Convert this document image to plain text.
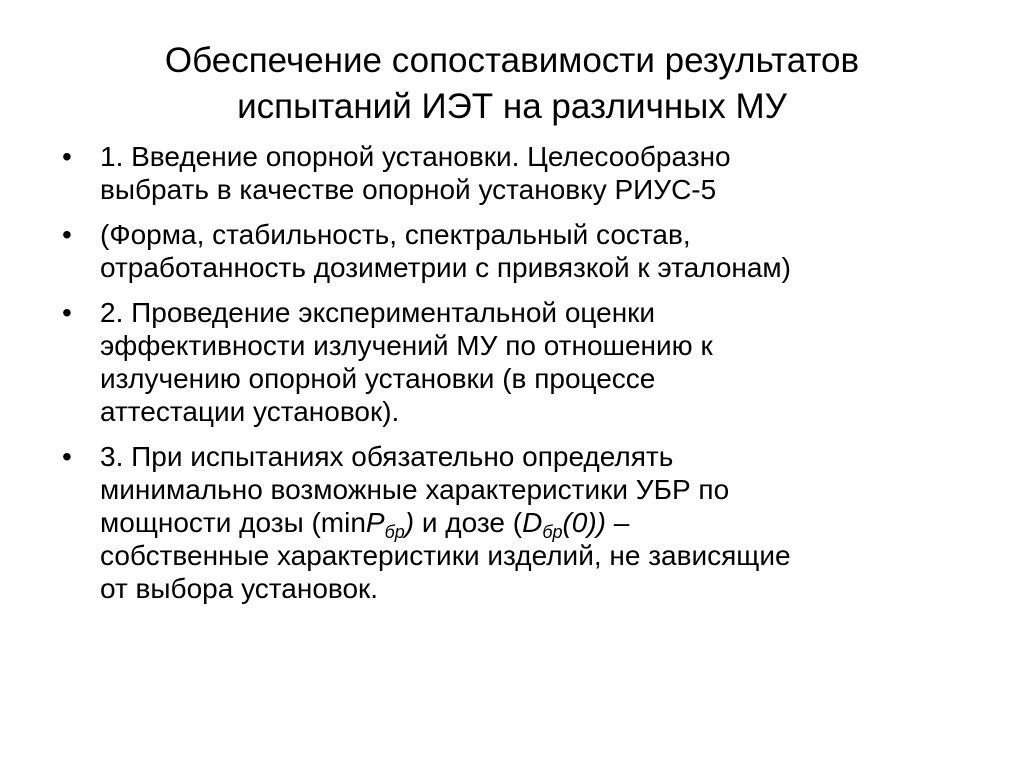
Обеспечение сопоставимости результатов
испытаний ИЭТ на различных МУ
• 1. Введение опорной установки. Целесообразно
выбрать в качестве опорной установку РИУС-5
• (Форма, стабильность, спектральный состав,
отработанность дозиметрии с привязкой к эталонам)
• 2. Проведение экспериментальной оценки
эффективности излучений МУ по отношению к
излучению опорной установки (в процессе
аттестации установок).
• 3. При испытаниях обязательно определять
минимально возможные характеристики УБР по
мощности дозы (minP$_{бр}$) и дозе $(D_{бр}(0))$ –
собственные характеристики изделий, не зависящие
от выбора установок.
